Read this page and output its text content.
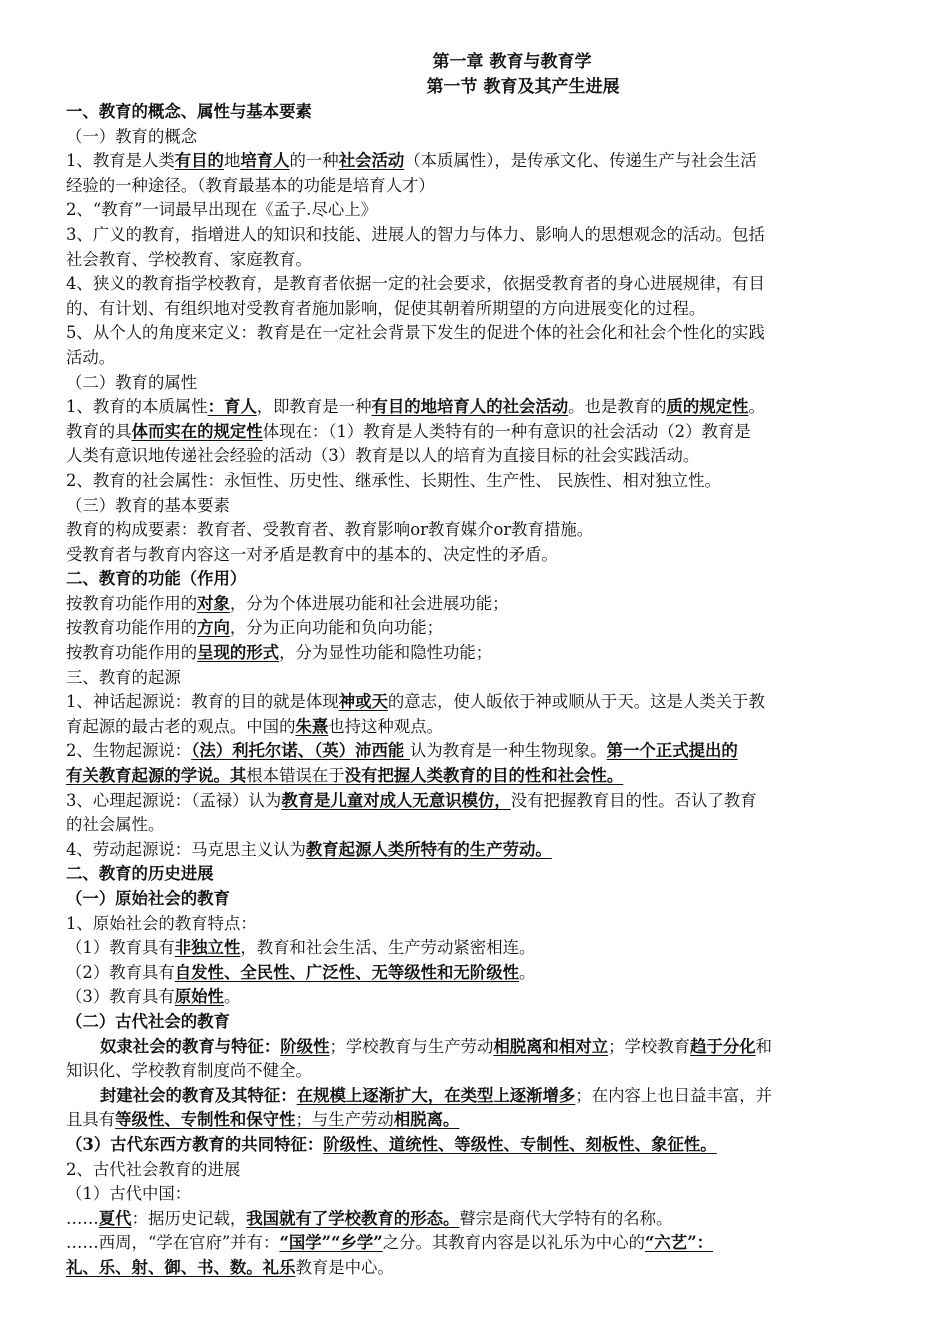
第一章 教育与教育学
第一节 教育及其产生进展
一、教育的概念、属性与基本要素
（一）教育的概念
1、教育是人类有目的地培育人的一种社会活动（本质属性），是传承文化、传递生产与社会生活
经验的一种途径。（教育最基本的功能是培育人才）
2、“教育”一词最早出现在《孟子.尽心上》
3、广义的教育，指增进人的知识和技能、进展人的智力与体力、影响人的思想观念的活动。包括
社会教育、学校教育、家庭教育。
4、狭义的教育指学校教育，是教育者依据一定的社会要求，依据受教育者的身心进展规律，有目
的、有计划、有组织地对受教育者施加影响，促使其朝着所期望的方向进展变化的过程。
5、从个人的角度来定义：教育是在一定社会背景下发生的促进个体的社会化和社会个性化的实践
活动。
（二）教育的属性
1、教育的本质属性：育人，即教育是一种有目的地培育人的社会活动。也是教育的质的规定性。
教育的具体而实在的规定性体现在：（1）教育是人类特有的一种有意识的社会活动（2）教育是
人类有意识地传递社会经验的活动（3）教育是以人的培育为直接目标的社会实践活动。
2、教育的社会属性：永恒性、历史性、继承性、长期性、生产性、 民族性、相对独立性。
（三）教育的基本要素
教育的构成要素：教育者、受教育者、教育影响or教育媒介or教育措施。
受教育者与教育内容这一对矛盾是教育中的基本的、决定性的矛盾。
二、教育的功能（作用）
按教育功能作用的对象，分为个体进展功能和社会进展功能；
按教育功能作用的方向，分为正向功能和负向功能；
按教育功能作用的呈现的形式，分为显性功能和隐性功能；
三、教育的起源
1、神话起源说：教育的目的就是体现神或天的意志，使人皈依于神或顺从于天。这是人类关于教
育起源的最古老的观点。中国的朱熹也持这种观点。
2、生物起源说：（法）利托尔诺、（英）沛西能 认为教育是一种生物现象。第一个正式提出的
有关教育起源的学说。其根本错误在于没有把握人类教育的目的性和社会性。
3、心理起源说：（孟禄）认为教育是儿童对成人无意识模仿，没有把握教育目的性。否认了教育
的社会属性。
4、劳动起源说：马克思主义认为教育起源人类所特有的生产劳动。
二、教育的历史进展
（一）原始社会的教育
1、原始社会的教育特点：
（1）教育具有非独立性，教育和社会生活、生产劳动紧密相连。
（2）教育具有自发性、全民性、广泛性、无等级性和无阶级性。
（3）教育具有原始性。
（二）古代社会的教育
奴隶社会的教育与特征：阶级性；学校教育与生产劳动相脱离和相对立；学校教育趋于分化和
知识化、学校教育制度尚不健全。
封建社会的教育及其特征：在规模上逐渐扩大，在类型上逐渐增多；在内容上也日益丰富，并
且具有等级性、专制性和保守性；与生产劳动相脱离。
（3）古代东西方教育的共同特征：阶级性、道统性、等级性、专制性、刻板性、象征性。
2、古代社会教育的进展
（1）古代中国：
……夏代：据历史记载，我国就有了学校教育的形态。瞽宗是商代大学特有的名称。
……西周，“学在官府”并有：“国学”“乡学”之分。其教育内容是以礼乐为中心的“六艺”：
礼、乐、射、御、书、数。礼乐教育是中心。
